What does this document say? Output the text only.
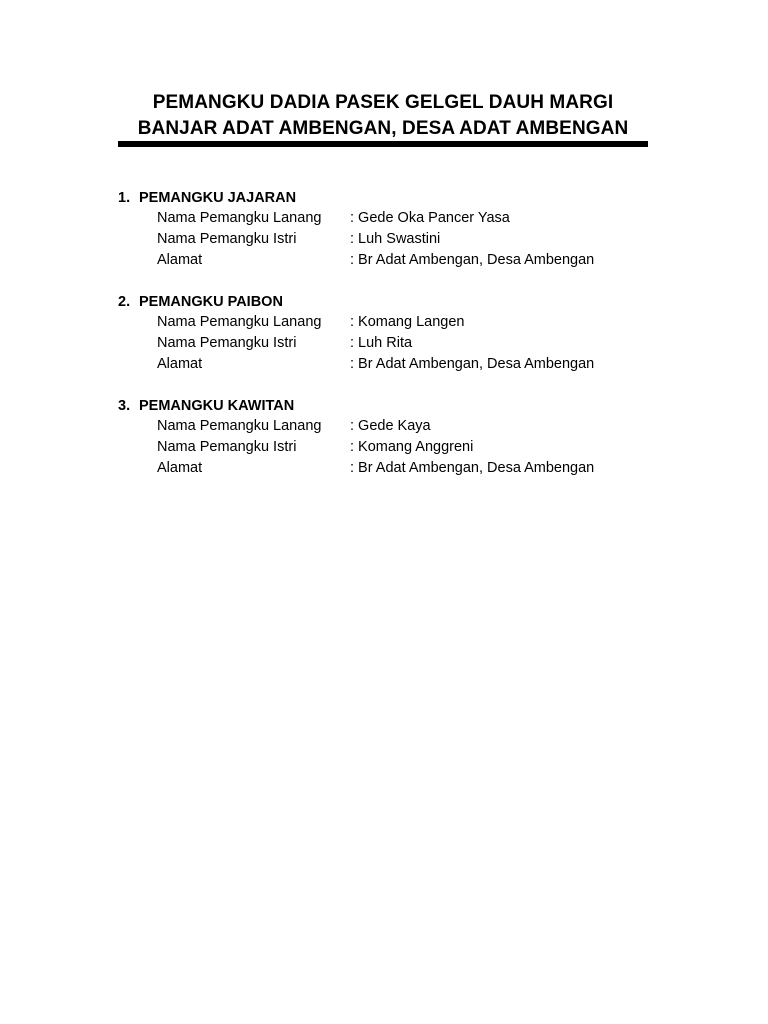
PEMANGKU DADIA PASEK GELGEL DAUH MARGI
BANJAR ADAT AMBENGAN, DESA ADAT AMBENGAN
1. PEMANGKU JAJARAN
Nama Pemangku Lanang : Gede Oka Pancer Yasa
Nama Pemangku Istri	: Luh Swastini
Alamat	: Br Adat Ambengan, Desa Ambengan
2. PEMANGKU PAIBON
Nama Pemangku Lanang : Komang Langen
Nama Pemangku Istri	: Luh Rita
Alamat	: Br Adat Ambengan, Desa Ambengan
3. PEMANGKU KAWITAN
Nama Pemangku Lanang : Gede Kaya
Nama Pemangku Istri	: Komang Anggreni
Alamat	: Br Adat Ambengan, Desa Ambengan
